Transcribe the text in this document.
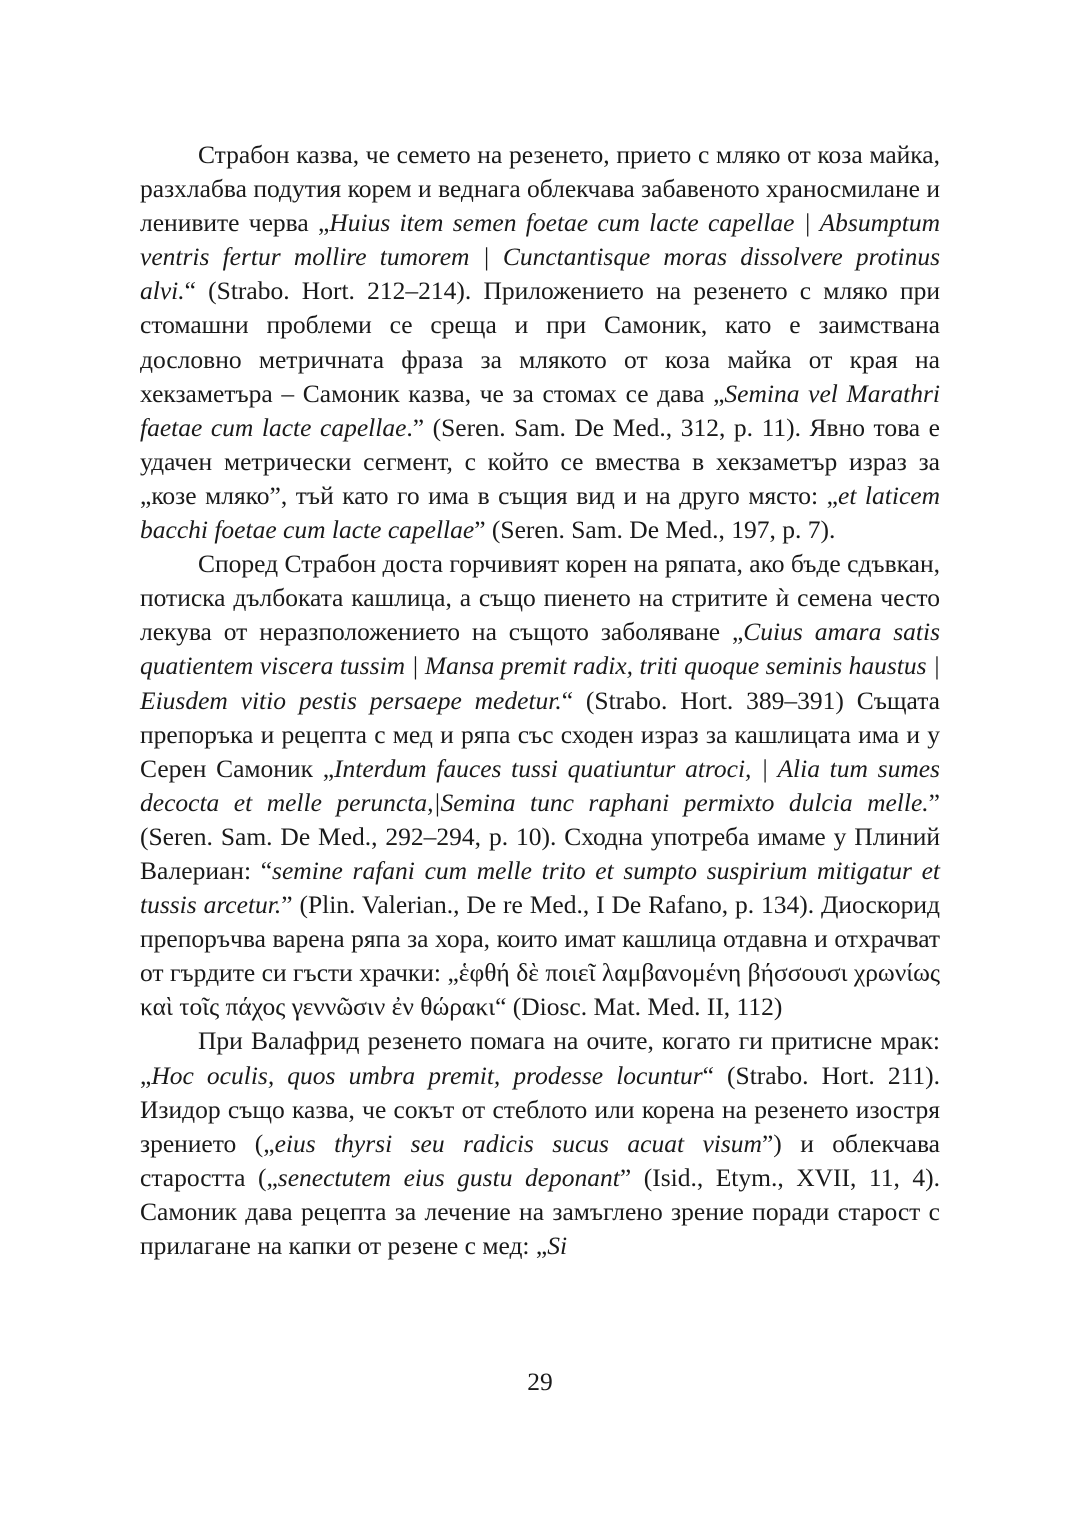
Страбон казва, че семето на резенето, прието с мляко от коза майка, разхлабва подутия корем и веднага облекчава забавеното храносмилане и ленивите черва „Huius item semen foetae cum lacte capellae | Absumptum ventris fertur mollire tumorem | Cunctantisque moras dissolvere protinus alvi.“ (Strabo. Hort. 212–214). Приложението на резенето с мляко при стомашни проблеми се среща и при Самоник, като е заимствана дословно метричната фраза за млякото от коза майка от края на хекзаметъра – Самоник казва, че за стомах се дава „Semina vel Marathri faetae cum lacte capellae.” (Seren. Sam. De Med., 312, p. 11). Явно това е удачен метрически сегмент, с който се вмества в хекзаметър израз за „козе мляко”, тъй като го има в същия вид и на друго място: „et laticem bacchi foetae cum lacte capellae” (Seren. Sam. De Med., 197, p. 7).

Според Страбон доста горчивият корен на ряпата, ако бъде сдъвкан, потиска дълбоката кашлица, а също пиенето на стритите ѝ семена често лекува от неразположението на същото заболяване „Cuius amara satis quatientem viscera tussim | Mansa premit radix, triti quoque seminis haustus | Eiusdem vitio pestis persaepe medetur.“ (Strabo. Hort. 389–391) Същата препоръка и рецепта с мед и ряпа със сходен израз за кашлицата има и у Серен Самоник „Interdum fauces tussi quatiuntur atroci, | Alia tum sumes decocta et melle peruncta,|Semina tunc raphani permixto dulcia melle.” (Seren. Sam. De Med., 292–294, p. 10). Сходна употреба имаме у Плиний Валериан: “semine rafani cum melle trito et sumpto suspirium mitigatur et tussis arcetur.” (Plin. Valerian., De re Med., I De Rafano, p. 134). Диоскорид препоръчва варена ряпа за хора, които имат кашлица отдавна и отхрачват от гърдите си гъсти храчки: „ἑφθή δὲ ποιεῖ λαμβανομένη βήσσουσι χρωνίως καὶ τοῖς πάχος γεννῶσιν ἐν θώρακι“ (Diosc. Mat. Med. II, 112)

При Валафрид резенето помага на очите, когато ги притисне мрак: „Hoc oculis, quos umbra premit, prodesse locuntur“ (Strabo. Hort. 211). Изидор също казва, че сокът от стеблото или корена на резенето изостря зрението („eius thyrsi seu radicis sucus acuat visum”) и облекчава старостта („senectutem eius gustu deponant” (Isid., Etym., XVII, 11, 4). Самоник дава рецепта за лечение на замъглено зрение поради старост с прилагане на капки от резене с мед: „Si

29
